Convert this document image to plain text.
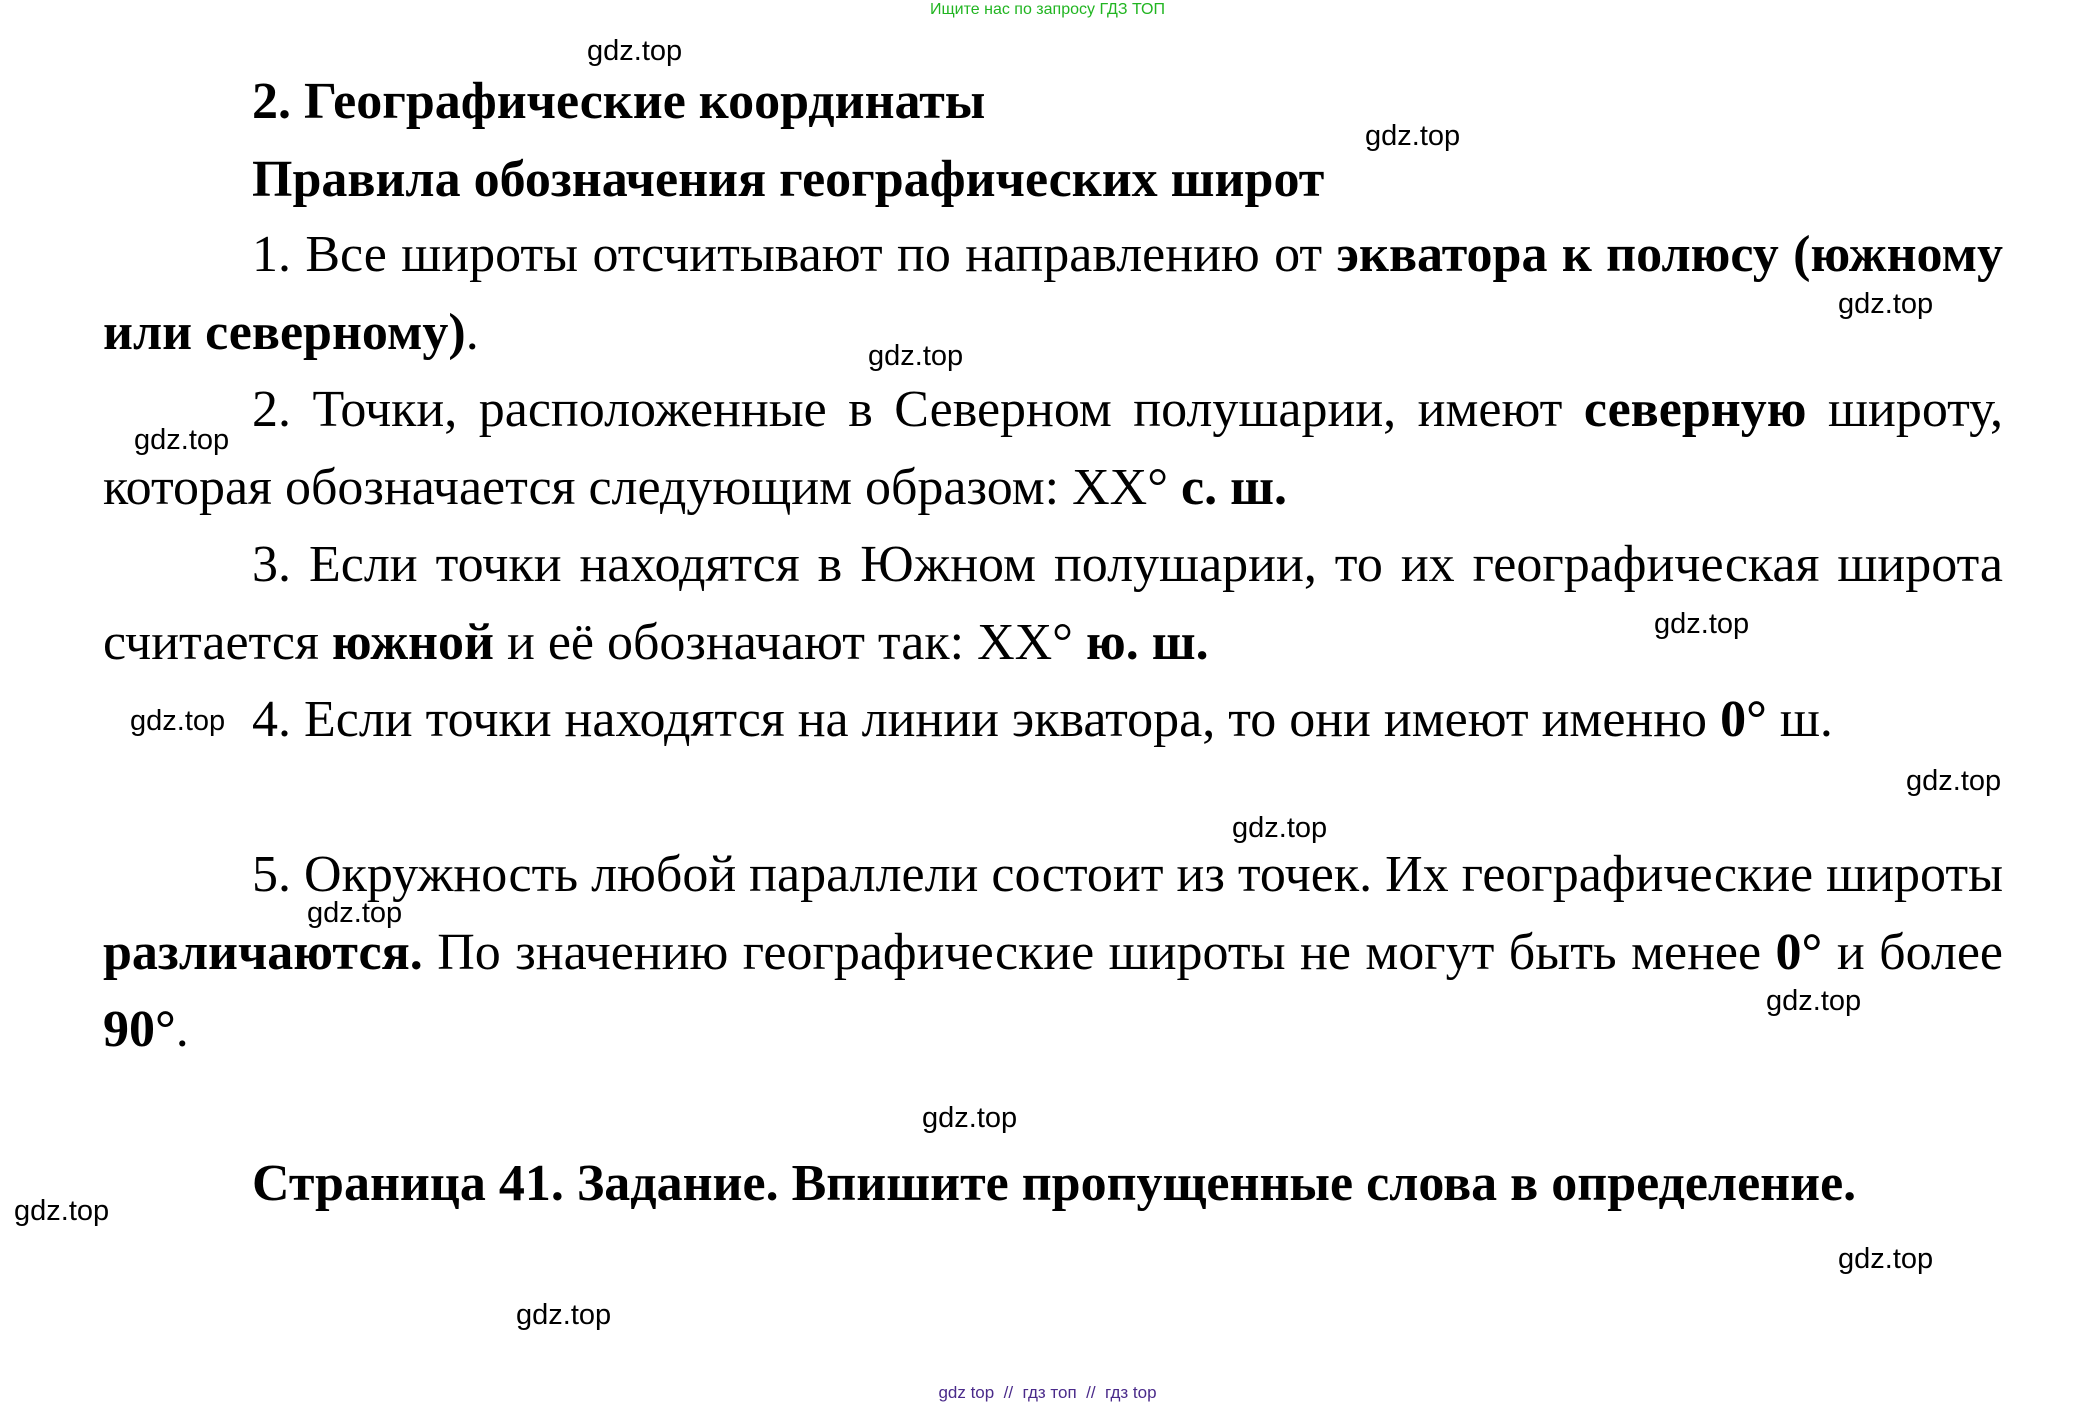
Ищите нас по запросу ГДЗ ТОП
2. Географические координаты
Правила обозначения географических широт
1. Все широты отсчитывают по направлению от экватора к полюсу (южному или северному).
2. Точки, расположенные в Северном полушарии, имеют северную широту, которая обозначается следующим образом: XX° с. ш.
3. Если точки находятся в Южном полушарии, то их географическая широта считается южной и её обозначают так: XX° ю. ш.
4. Если точки находятся на линии экватора, то они имеют именно 0° ш.
5. Окружность любой параллели состоит из точек. Их географические широты различаются. По значению географические широты не могут быть менее 0° и более 90°.
Страница 41. Задание. Впишите пропущенные слова в определение.
gdz.top
gdz.top
gdz.top
gdz.top
gdz.top
gdz.top
gdz.top
gdz.top
gdz.top
gdz.top
gdz.top
gdz.top
gdz.top
gdz.top
gdz.top
gdz top  //  гдз топ  //  гдз top
